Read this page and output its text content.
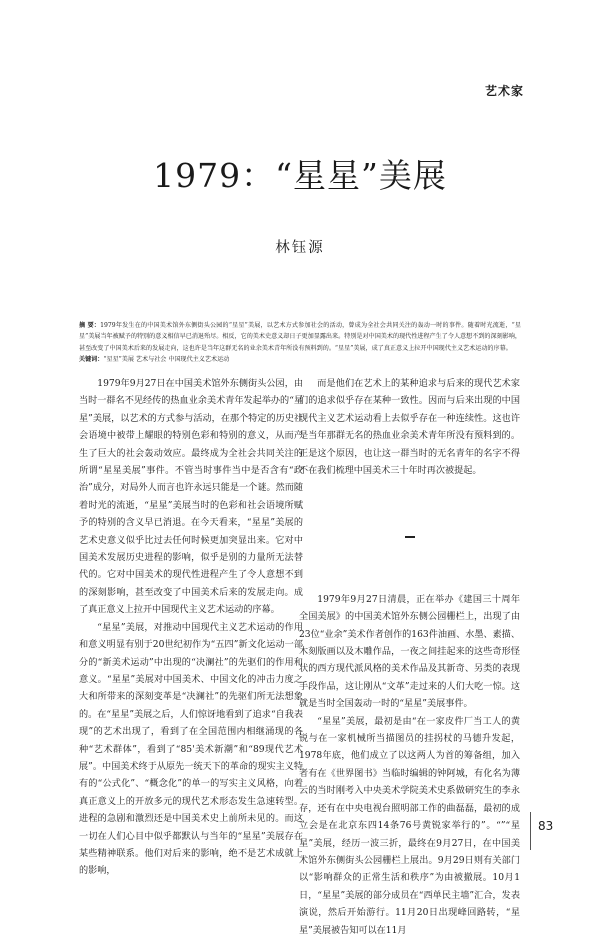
艺术家
1979：“星星”美展
林钰源
摘 要：1979年发生在的中国美术馆外东侧街头公园的“星星”美展，以艺术方式参加社会的活动，曾成为全社会共同关注的轰动一时的事件。随着时光流逝，“星星”美展当年被赋予的特别的意义相信早已消退殆尽。相反，它的美术史意义却日子更加显露出来。特别是对中国美术的现代性进程产生了令人意想不到的深刻影响，甚至改变了中国美术后来的发展走向，这也许是当年这群无名的业余美术青年所没有预料到的。“星星”美展，成了真正意义上拉开中国现代主义艺术运动的序幕。
关键词：“星星”美展 艺术与社会 中国现代主义艺术运动

1979年9月27日在中国美术馆外东侧街头公园，由当时一群名不见经传的热血业余美术青年发起举办的“星星”美展，以艺术的方式参与活动，在那个特定的历史社会语境中被带上耀眼的特别色彩和特别的意义，从而产生了巨大的社会轰动效应。最终成为全社会共同关注的所谓“星星美展”事件。不管当时事件当中是否含有“政治”成分，对局外人而言也许永远只能是一个谜。然而随着时光的流逝，“星星”美展当时的色彩和社会语境所赋予的特别的含义早已消退。在今天看来，“星星”美展的艺术史意义似乎比过去任何时候更加突显出来。它对中国美术发展历史进程的影响，似乎是别的力量所无法替代的。它对中国美术的现代性进程产生了令人意想不到的深刻影响，甚至改变了中国美术后来的发展走向。成了真正意义上拉开中国现代主义艺术运动的序幕。

“星星”美展，对推动中国现代主义艺术运动的作用和意义明显有别于20世纪初作为“五四”新文化运动一部分的“新美术运动”中出现的“决澜社”的先驱们的作用和意义。“星星”美展对中国美术、中国文化的冲击力度之大和所带来的深刻变革是“决澜社”的先驱们所无法想象的。在“星星”美展之后，人们惊讶地看到了追求“自我表现”的艺术出现了，看到了在全国范围内相继涌现的各种“艺术群体”，看到了“85'美术新潮”和“89现代艺术展”。中国美术终于从原先一统天下的革命的现实主义特有的“公式化”、“概念化”的单一的写实主义风格，向着真正意义上的开放多元的现代艺术形态发生急速转型。进程的急剧和激烈还是中国美术史上前所未见的。而这一切在人们心目中似乎都默认与当年的“星星”美展存在某些精神联系。他们对后来的影响，绝不是艺术成就上的影响，

而是他们在艺术上的某种追求与后来的现代艺术家们的追求似乎存在某种一致性。因而与后来出现的中国现代主义艺术运动看上去似乎存在一种连续性。这也许是当年那群无名的热血业余美术青年所没有预料到的。正是这个原因，也让这一群当时的无名青年的名字不得不在我们梳理中国美术三十年时再次被提起。

1979年9月27日清晨，正在举办《建国三十周年全国美展》的中国美术馆外东侧公园栅栏上，出现了由23位“业余”美术作者创作的163件油画、水墨、素描、木刻版画以及木雕作品，一夜之间挂起来的这些奇形怪状的西方现代派风格的美术作品及其新奇、另类的表现手段作品，这让刚从“文革”走过来的人们大吃一惊。这就是当时全国轰动一时的“星星”美展事件。

“星星”美展，最初是由“在一家皮件厂当工人的黄锐与在一家机械所当描图员的挂拐杖的马德升发起，1978年底，他们成立了以这两人为首的筹备组，加入者有在《世界图书》当临时编辑的钟阿城，有化名为薄云的当时刚考入中央美术学院美术史系做研究生的李永存，还有在中央电视台照明部工作的曲磊磊，最初的成立会是在北京东四14条76号黄锐家举行的”。“”“星星”美展，经历一波三折，最终在9月27日，在中国美术馆外东侧街头公园栅栏上展出。9月29日则有关部门以“影响群众的正常生活和秩序”为由被撤展。10月1日，“星星”美展的部分成员在“西单民主墙”汇合，发表演说，然后开始游行。11月20日出现峰回路转，“星星”美展被告知可以在11月

83
